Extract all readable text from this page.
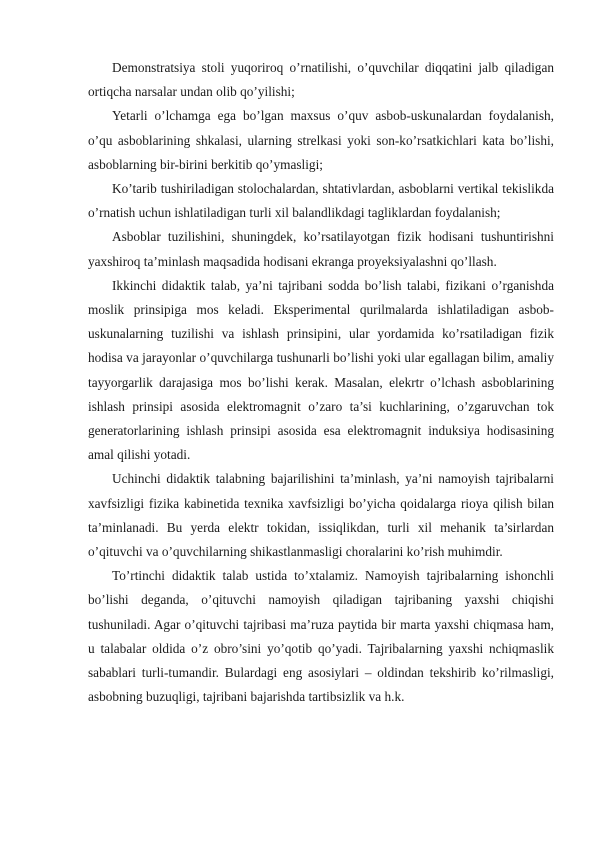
Demonstratsiya stoli yuqoriroq o’rnatilishi, o’quvchilar diqqatini jalb qiladigan ortiqcha narsalar undan olib qo’yilishi;

Yetarli o’lchamga ega bo’lgan maxsus o’quv asbob-uskunalardan foydalanish, o’qu asboblarining shkalasi, ularning strelkasi yoki son-ko’rsatkichlari kata bo’lishi, asboblarning bir-birini berkitib qo’ymasligi;

Ko’tarib tushiriladigan stolochalardan, shtativlardan, asboblarni vertikal tekislikda o’rnatish uchun ishlatiladigan turli xil balandlikdagi tagliklardan foydalanish;

Asboblar tuzilishini, shuningdek, ko’rsatilayotgan fizik hodisani tushuntirishni yaxshiroq ta’minlash maqsadida hodisani ekranga proyeksiyalashni qo’llash.

Ikkinchi didaktik talab, ya’ni tajribani sodda bo’lish talabi, fizikani o’rganishda moslik prinsipiga mos keladi. Eksperimental qurilmalarda ishlatiladigan asbob-uskunalarning tuzilishi va ishlash prinsipini, ular yordamida ko’rsatiladigan fizik hodisa va jarayonlar o’quvchilarga tushunarli bo’lishi yoki ular egallagan bilim, amaliy tayyorgarlik darajasiga mos bo’lishi kerak. Masalan, elekrtr o’lchash asboblarining ishlash prinsipi asosida elektromagnit o’zaro ta’si kuchlarining, o’zgaruvchan tok generatorlarining ishlash prinsipi asosida esa elektromagnit induksiya hodisasining amal qilishi yotadi.

Uchinchi didaktik talabning bajarilishini ta’minlash, ya’ni namoyish tajribalarni xavfsizligi fizika kabinetida texnika xavfsizligi bo’yicha qoidalarga rioya qilish bilan ta’minlanadi. Bu yerda elektr tokidan, issiqlikdan, turli xil mehanik ta’sirlardan o’qituvchi va o’quvchilarning shikastlanmasligi choralarini ko’rish muhimdir.

To’rtinchi didaktik talab ustida to’xtalamiz. Namoyish tajribalarning ishonchli bo’lishi deganda, o’qituvchi namoyish qiladigan tajribaning yaxshi chiqishi tushuniladi. Agar o’qituvchi tajribasi ma’ruza paytida bir marta yaxshi chiqmasa ham, u talabalar oldida o’z obro’sini yo’qotib qo’yadi. Tajribalarning yaxshi nchiqmaslik sabablari turli-tumandir. Bulardagi eng asosiylari – oldindan tekshirib ko’rilmasligi, asbobning buzuqligi, tajribani bajarishda tartibsizlik va h.k.
